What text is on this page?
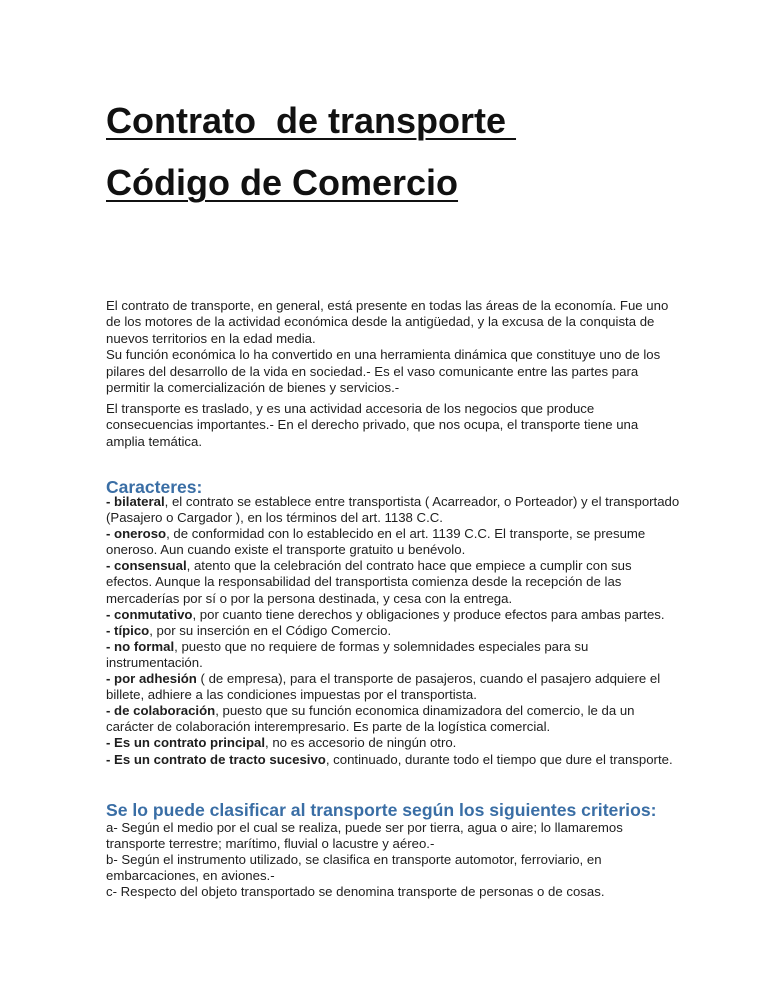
Contrato  de transporte
Código de Comercio

El contrato de transporte, en general, está presente en todas las áreas de la economía. Fue uno de los motores de la actividad económica desde la antigüedad, y la excusa de la conquista de nuevos territorios en la edad media.

Su función económica lo ha convertido en una herramienta dinámica que constituye uno de los pilares del desarrollo de la vida en sociedad.- Es el vaso comunicante entre las partes para permitir la comercialización de bienes y servicios.-

El transporte es traslado, y es una actividad accesoria de los negocios que produce consecuencias importantes.- En el derecho privado, que nos ocupa, el transporte tiene una amplia temática.

Caracteres:
- bilateral, el contrato se establece entre transportista ( Acarreador, o Porteador) y el transportado (Pasajero o Cargador ), en los términos del art. 1138 C.C.
- oneroso, de conformidad con lo establecido en el art. 1139 C.C. El transporte, se presume oneroso. Aun cuando existe el transporte gratuito u benévolo.
- consensual, atento que la celebración del contrato hace que empiece a cumplir con sus efectos. Aunque la responsabilidad del transportista comienza desde la recepción de las mercaderías por sí o por la persona destinada, y cesa con la entrega.
- conmutativo, por cuanto tiene derechos y obligaciones y produce efectos para ambas partes.
- típico, por su inserción en el Código Comercio.
- no formal, puesto que no requiere de formas y solemnidades especiales para su instrumentación.
- por adhesión ( de empresa), para el transporte de pasajeros, cuando el pasajero adquiere el billete, adhiere a las condiciones impuestas por el transportista.
- de colaboración, puesto que su función economica dinamizadora del comercio, le da un carácter de colaboración interempresario. Es parte de la logística comercial.
- Es un contrato principal, no es accesorio de ningún otro.
- Es un contrato de tracto sucesivo, continuado, durante todo el tiempo que dure el transporte.
Se lo puede clasificar al transporte según los siguientes criterios:
a- Según el medio por el cual se realiza, puede ser por tierra, agua o aire; lo llamaremos transporte terrestre; marítimo, fluvial o lacustre y aéreo.-
b- Según el instrumento utilizado, se clasifica en transporte automotor, ferroviario, en embarcaciones, en aviones.-
c- Respecto del objeto transportado se denomina transporte de personas o de cosas.
